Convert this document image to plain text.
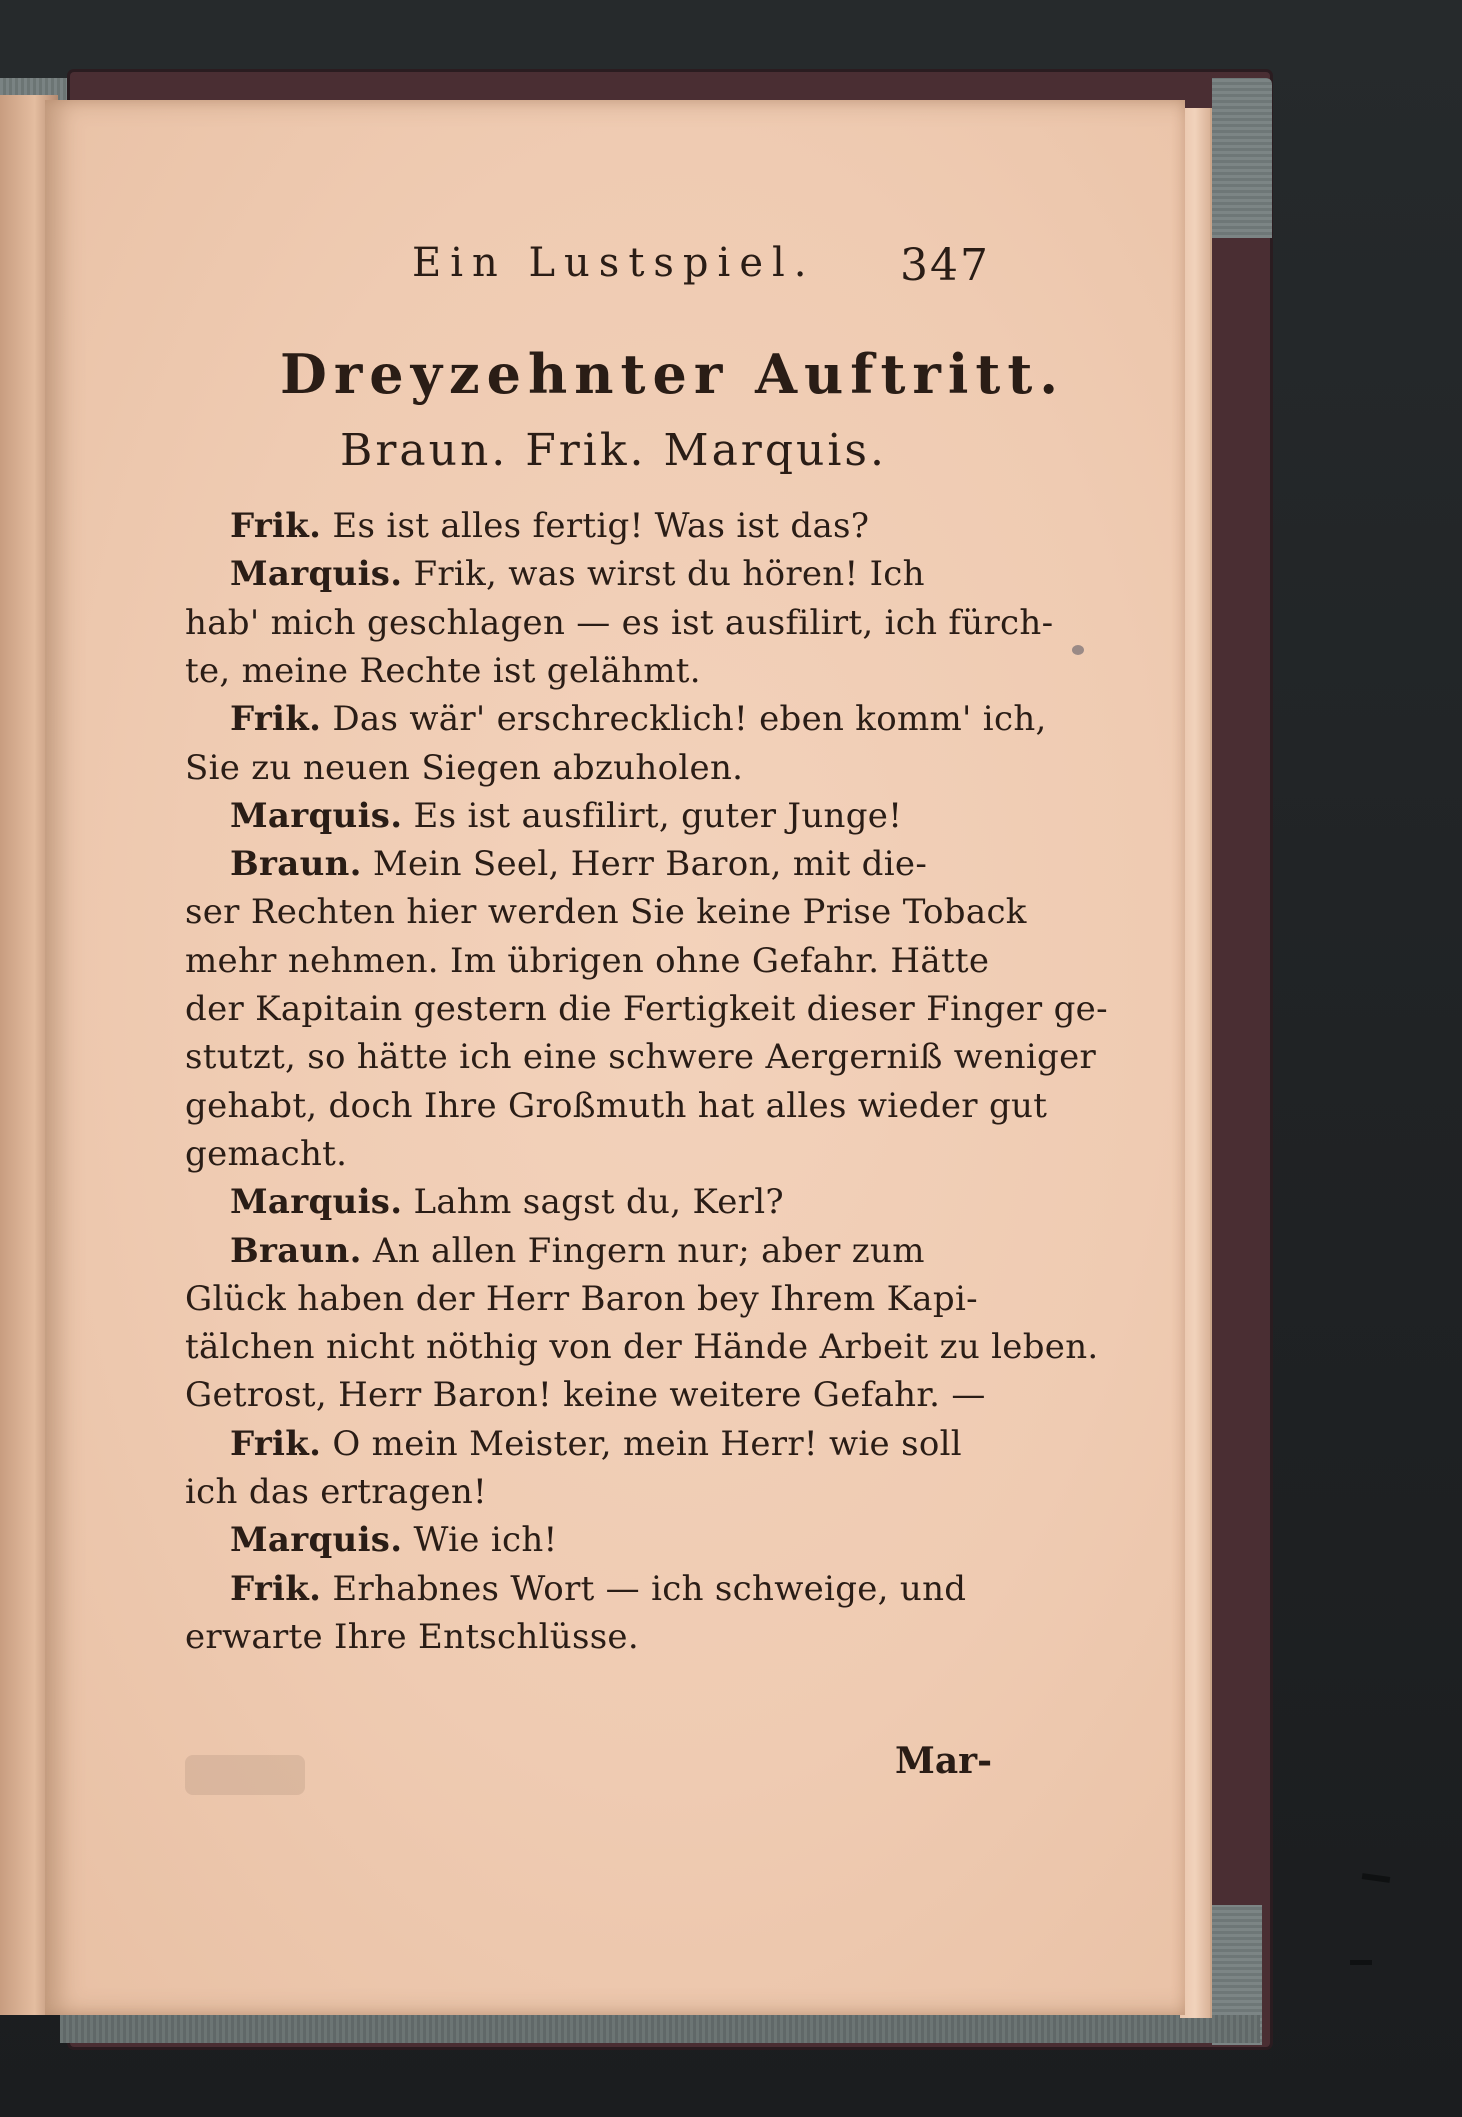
Ein Lustspiel. 347
Dreyzehnter Auftritt.
Braun. Frik. Marquis.
Frik. Es ist alles fertig! Was ist das?
Marquis. Frik, was wirst du hören! Ich
hab' mich geschlagen — es ist ausfilirt, ich fürch-
te, meine Rechte ist gelähmt.
Frik. Das wär' erschrecklich! eben komm' ich,
Sie zu neuen Siegen abzuholen.
Marquis. Es ist ausfilirt, guter Junge!
Braun. Mein Seel, Herr Baron, mit die-
ser Rechten hier werden Sie keine Prise Toback
mehr nehmen. Im übrigen ohne Gefahr. Hätte
der Kapitain gestern die Fertigkeit dieser Finger ge-
stutzt, so hätte ich eine schwere Aergerniß weniger
gehabt, doch Ihre Großmuth hat alles wieder gut
gemacht.
Marquis. Lahm sagst du, Kerl?
Braun. An allen Fingern nur; aber zum
Glück haben der Herr Baron bey Ihrem Kapi-
tälchen nicht nöthig von der Hände Arbeit zu leben.
Getrost, Herr Baron! keine weitere Gefahr. —
Frik. O mein Meister, mein Herr! wie soll
ich das ertragen!
Marquis. Wie ich!
Frik. Erhabnes Wort — ich schweige, und
erwarte Ihre Entschlüsse.
Mar-
